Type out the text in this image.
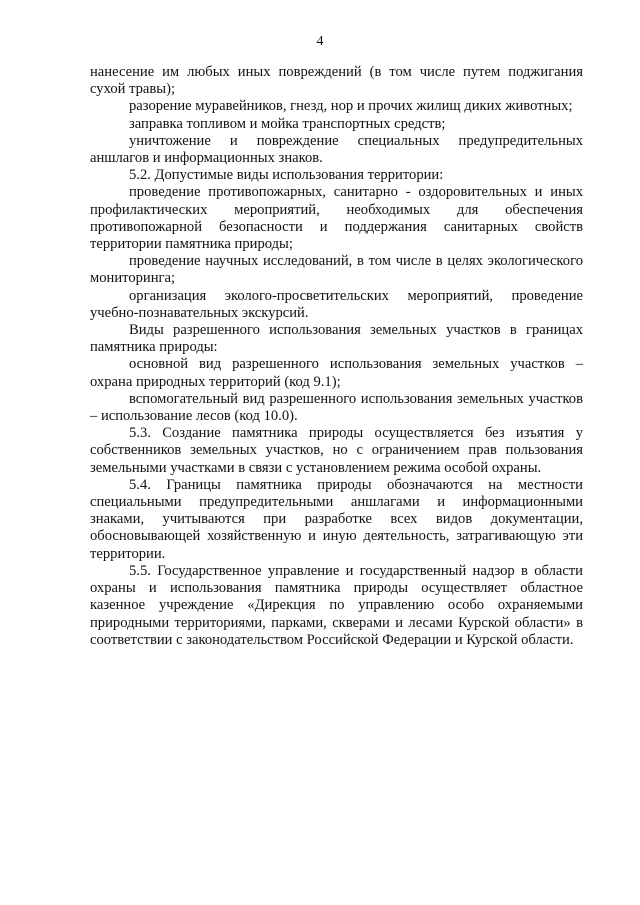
4

нанесение им любых иных повреждений (в том числе путем поджигания сухой травы);

разорение муравейников, гнезд, нор и прочих жилищ диких животных;

заправка топливом и мойка транспортных средств;

уничтожение и повреждение специальных предупредительных аншлагов и информационных знаков.

5.2. Допустимые виды использования территории:

проведение противопожарных, санитарно - оздоровительных и иных профилактических мероприятий, необходимых для обеспечения противопожарной безопасности и поддержания санитарных свойств территории памятника природы;

проведение научных исследований, в том числе в целях экологического мониторинга;

организация эколого-просветительских мероприятий, проведение учебно-познавательных экскурсий.

Виды разрешенного использования земельных участков в границах памятника природы:

основной вид разрешенного использования земельных участков – охрана природных территорий (код 9.1);

вспомогательный вид разрешенного использования земельных участков – использование лесов (код 10.0).

5.3. Создание памятника природы осуществляется без изъятия у собственников земельных участков, но с ограничением прав пользования земельными участками в связи с установлением режима особой охраны.

5.4. Границы памятника природы обозначаются на местности специальными предупредительными аншлагами и информационными знаками, учитываются при разработке всех видов документации, обосновывающей хозяйственную и иную деятельность, затрагивающую эти территории.

5.5. Государственное управление и государственный надзор в области охраны и использования памятника природы осуществляет областное казенное учреждение «Дирекция по управлению особо охраняемыми природными территориями, парками, скверами и лесами Курской области» в соответствии с законодательством Российской Федерации и Курской области.
